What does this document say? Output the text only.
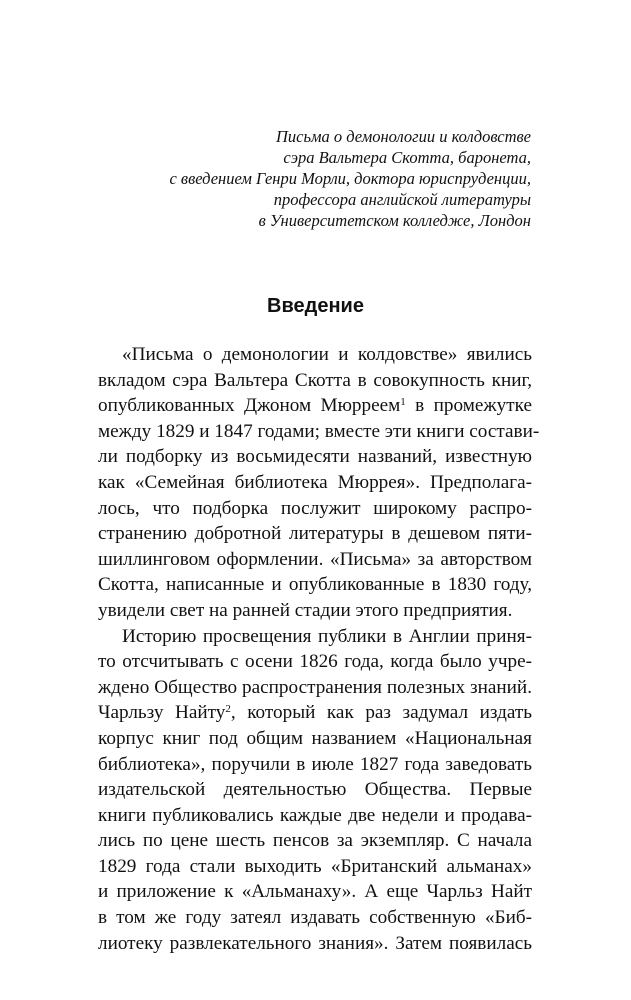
Письма о демонологии и колдовстве
сэра Вальтера Скотта, баронета,
с введением Генри Морли, доктора юриспруденции,
профессора английской литературы
в Университетском колледже, Лондон
Введение
«Письма о демонологии и колдовстве» явились
вкладом сэра Вальтера Скотта в совокупность книг,
опубликованных Джоном Мюрреем$^1$ в промежутке
между 1829 и 1847 годами; вместе эти книги состави-
ли подборку из восьмидесяти названий, известную
как «Семейная библиотека Мюррея». Предполага-
лось, что подборка послужит широкому распро-
странению добротной литературы в дешевом пяти-
шиллинговом оформлении. «Письма» за авторством
Скотта, написанные и опубликованные в 1830 году,
увидели свет на ранней стадии этого предприятия.
Историю просвещения публики в Англии приня-
то отсчитывать с осени 1826 года, когда было учре-
ждено Общество распространения полезных знаний.
Чарльзу Найту$^2$, который как раз задумал издать
корпус книг под общим названием «Национальная
библиотека», поручили в июле 1827 года заведовать
издательской деятельностью Общества. Первые
книги публиковались каждые две недели и продава-
лись по цене шесть пенсов за экземпляр. С начала
1829 года стали выходить «Британский альманах»
и приложение к «Альманаху». А еще Чарльз Найт
в том же году затеял издавать собственную «Биб-
лиотеку развлекательного знания». Затем появилась
